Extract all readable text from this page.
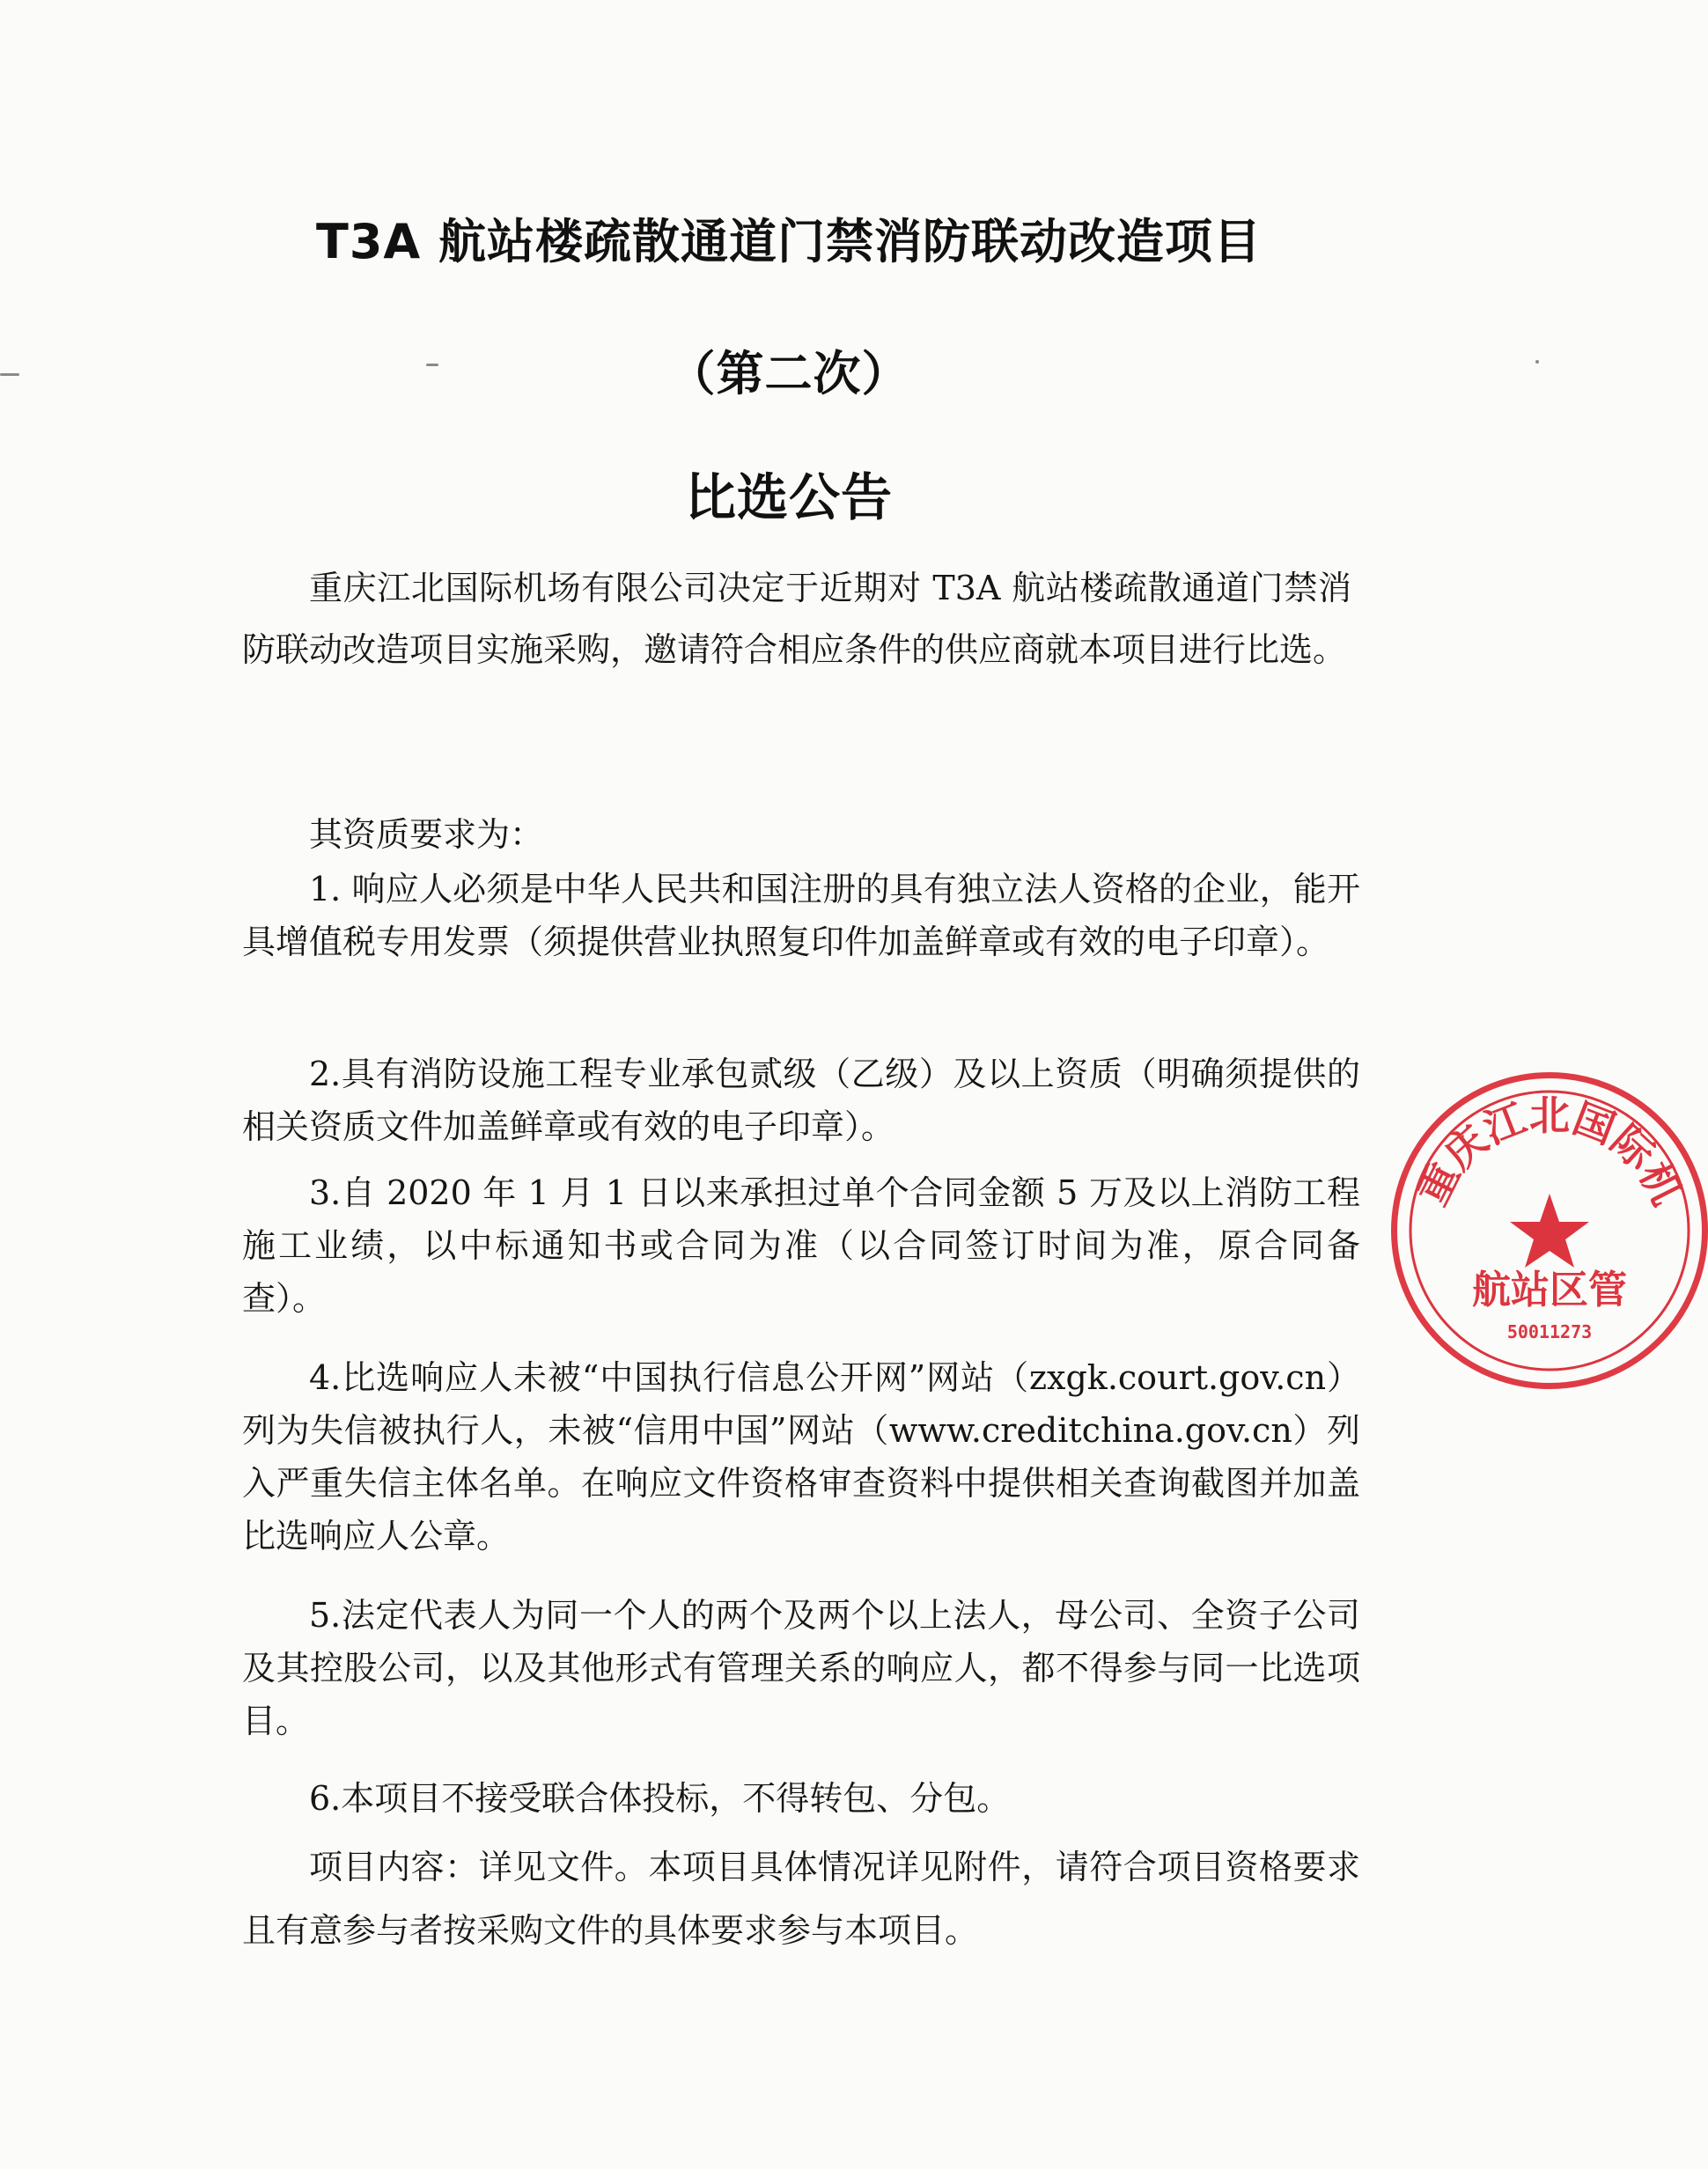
T3A 航站楼疏散通道门禁消防联动改造项目
（第二次）
比选公告

重庆江北国际机场有限公司决定于近期对 T3A 航站楼疏散通道门禁消防联动改造项目实施采购，邀请符合相应条件的供应商就本项目进行比选。

其资质要求为：

1. 响应人必须是中华人民共和国注册的具有独立法人资格的企业，能开具增值税专用发票（须提供营业执照复印件加盖鲜章或有效的电子印章）。

2.具有消防设施工程专业承包贰级（乙级）及以上资质（明确须提供的相关资质文件加盖鲜章或有效的电子印章）。

3.自 2020 年 1 月 1 日以来承担过单个合同金额 5 万及以上消防工程施工业绩，以中标通知书或合同为准（以合同签订时间为准，原合同备查）。

4.比选响应人未被“中国执行信息公开网”网站（zxgk.court.gov.cn）列为失信被执行人，未被“信用中国”网站（www.creditchina.gov.cn）列入严重失信主体名单。在响应文件资格审查资料中提供相关查询截图并加盖比选响应人公章。

5.法定代表人为同一个人的两个及两个以上法人，母公司、全资子公司及其控股公司，以及其他形式有管理关系的响应人，都不得参与同一比选项目。

6.本项目不接受联合体投标，不得转包、分包。

项目内容：详见文件。本项目具体情况详见附件，请符合项目资格要求且有意参与者按采购文件的具体要求参与本项目。

重庆江北国际机
航站区管
50011273
